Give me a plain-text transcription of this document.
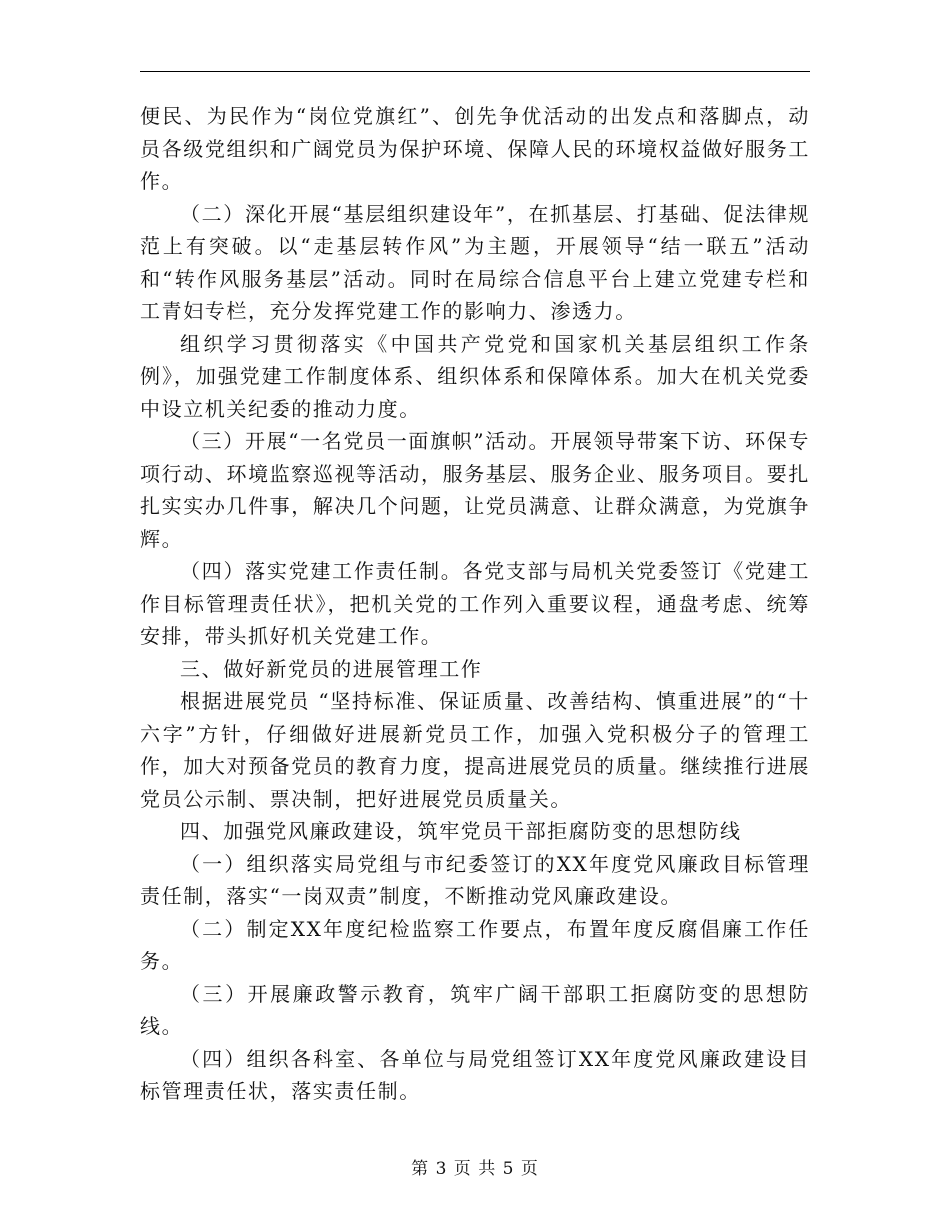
便民、为民作为“岗位党旗红”、创先争优活动的出发点和落脚点，动员各级党组织和广阔党员为保护环境、保障人民的环境权益做好服务工作。

（二）深化开展“基层组织建设年”，在抓基层、打基础、促法律规范上有突破。以“走基层转作风”为主题，开展领导“结一联五”活动和“转作风服务基层”活动。同时在局综合信息平台上建立党建专栏和工青妇专栏，充分发挥党建工作的影响力、渗透力。

组织学习贯彻落实《中国共产党党和国家机关基层组织工作条例》，加强党建工作制度体系、组织体系和保障体系。加大在机关党委中设立机关纪委的推动力度。

（三）开展“一名党员一面旗帜”活动。开展领导带案下访、环保专项行动、环境监察巡视等活动，服务基层、服务企业、服务项目。要扎扎实实办几件事，解决几个问题，让党员满意、让群众满意，为党旗争辉。

（四）落实党建工作责任制。各党支部与局机关党委签订《党建工作目标管理责任状》，把机关党的工作列入重要议程，通盘考虑、统筹安排，带头抓好机关党建工作。

三、做好新党员的进展管理工作

根据进展党员 “坚持标准、保证质量、改善结构、慎重进展”的“十六字”方针，仔细做好进展新党员工作，加强入党积极分子的管理工作，加大对预备党员的教育力度，提高进展党员的质量。继续推行进展党员公示制、票决制，把好进展党员质量关。

四、加强党风廉政建设，筑牢党员干部拒腐防变的思想防线

（一）组织落实局党组与市纪委签订的XX年度党风廉政目标管理责任制，落实“一岗双责”制度，不断推动党风廉政建设。

（二）制定XX年度纪检监察工作要点，布置年度反腐倡廉工作任务。

（三）开展廉政警示教育，筑牢广阔干部职工拒腐防变的思想防线。

（四）组织各科室、各单位与局党组签订XX年度党风廉政建设目标管理责任状，落实责任制。

第 3 页 共 5 页
